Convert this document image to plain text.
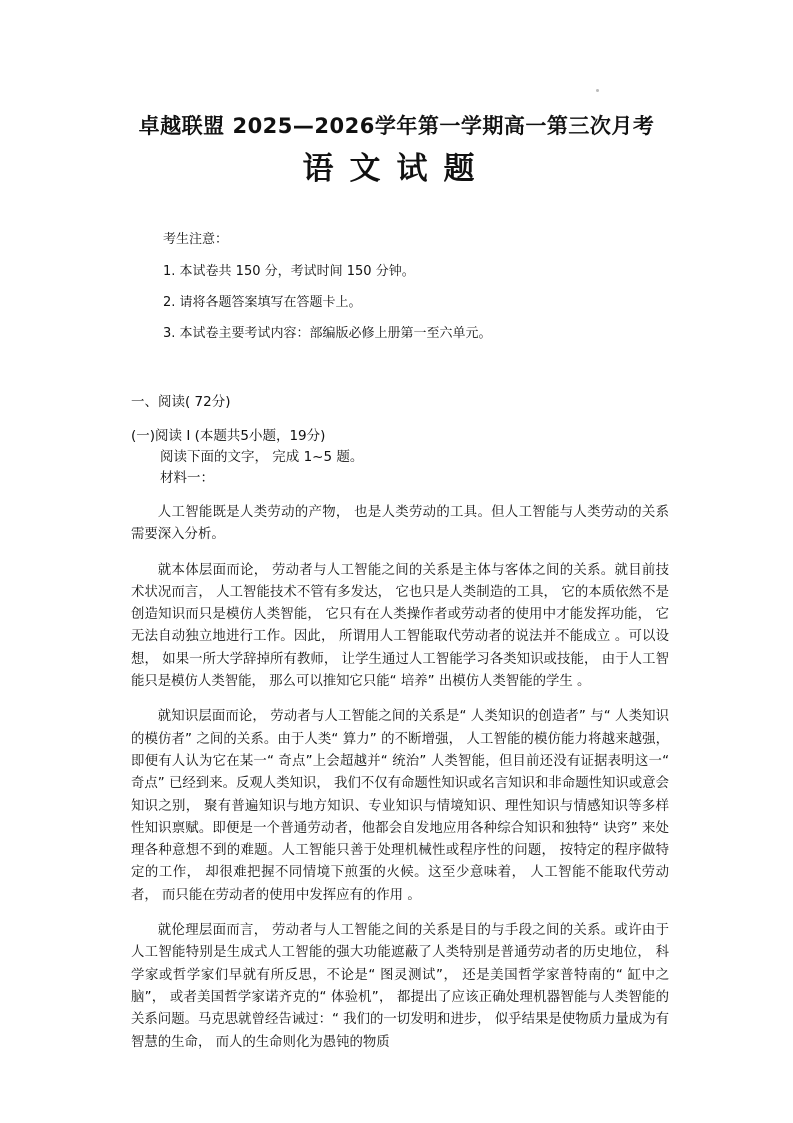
卓越联盟 2025—2026学年第一学期高一第三次月考
语文试题
考生注意：
1. 本试卷共 150 分，考试时间 150 分钟。
2. 请将各题答案填写在答题卡上。
3. 本试卷主要考试内容：部编版必修上册第一至六单元。
一、阅读( 72分)
(一)阅读 Ⅰ (本题共5小题，19分)
阅读下面的文字， 完成 1~5 题。
材料一：

人工智能既是人类劳动的产物， 也是人类劳动的工具。但人工智能与人类劳动的关系需要深入分析。

就本体层面而论， 劳动者与人工智能之间的关系是主体与客体之间的关系。就目前技术状况而言， 人工智能技术不管有多发达， 它也只是人类制造的工具， 它的本质依然不是创造知识而只是模仿人类智能， 它只有在人类操作者或劳动者的使用中才能发挥功能， 它无法自动独立地进行工作。因此， 所谓用人工智能取代劳动者的说法并不能成立 。可以设想， 如果一所大学辞掉所有教师， 让学生通过人工智能学习各类知识或技能， 由于人工智能只是模仿人类智能， 那么可以推知它只能“ 培养” 出模仿人类智能的学生 。

就知识层面而论， 劳动者与人工智能之间的关系是“ 人类知识的创造者” 与“ 人类知识的模仿者” 之间的关系。由于人类“ 算力” 的不断增强， 人工智能的模仿能力将越来越强， 即便有人认为它在某一“ 奇点”上会超越并“ 统治” 人类智能，但目前还没有证据表明这一“ 奇点” 已经到来。反观人类知识， 我们不仅有命题性知识或名言知识和非命题性知识或意会知识之别， 聚有普遍知识与地方知识、专业知识与情境知识、理性知识与情感知识等多样性知识禀赋。即便是一个普通劳动者，他都会自发地应用各种综合知识和独特“ 诀窍” 来处理各种意想不到的难题。人工智能只善于处理机械性或程序性的问题， 按特定的程序做特定的工作， 却很难把握不同情境下煎蛋的火候。这至少意味着， 人工智能不能取代劳动者， 而只能在劳动者的使用中发挥应有的作用 。

就伦理层面而言， 劳动者与人工智能之间的关系是目的与手段之间的关系。或许由于人工智能特别是生成式人工智能的强大功能遮蔽了人类特别是普通劳动者的历史地位， 科学家或哲学家们早就有所反思，不论是“ 图灵测试”， 还是美国哲学家普特南的“ 缸中之脑”， 或者美国哲学家诺齐克的“ 体验机”， 都提出了应该正确处理机器智能与人类智能的关系问题。马克思就曾经告诫过：“ 我们的一切发明和进步， 似乎结果是使物质力量成为有智慧的生命， 而人的生命则化为愚钝的物质
